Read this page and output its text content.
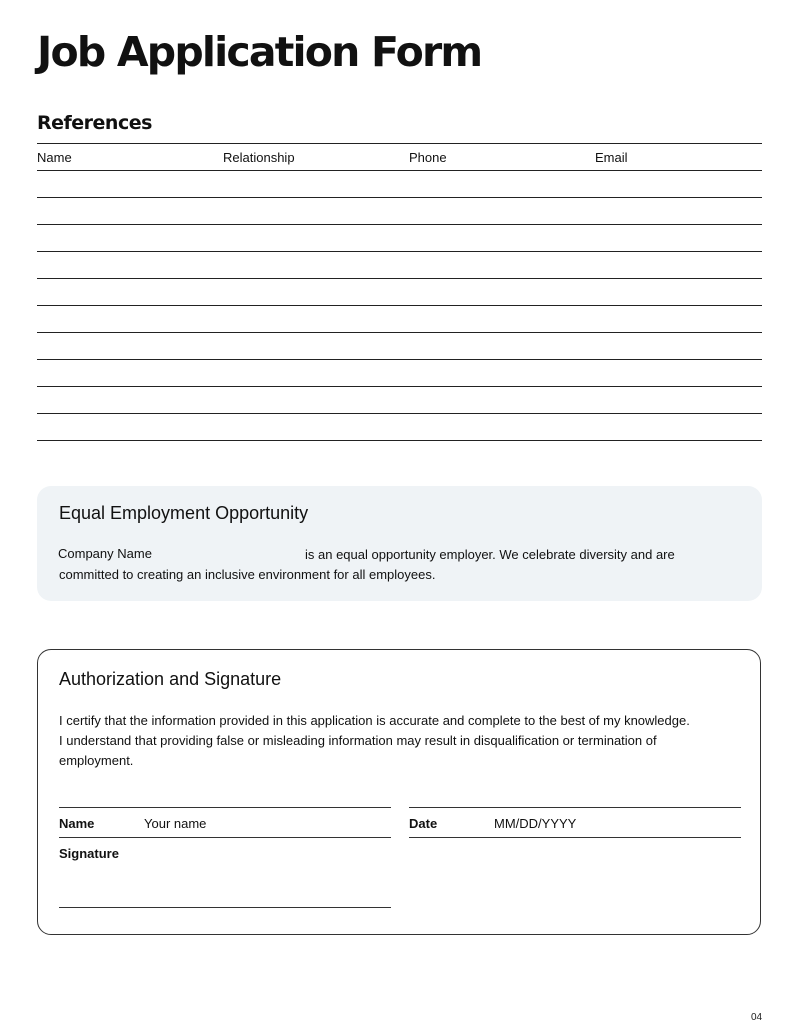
Job Application Form
References
Name	Relationship	Phone	Email
Equal Employment Opportunity
Company Name	is an equal opportunity employer. We celebrate diversity and are
committed to creating an inclusive environment for all employees.
Authorization and Signature

I certify that the information provided in this application is accurate and complete to the best of my knowledge.

I understand that providing false or misleading information may result in disqualification or termination of

employment.

Name	Your name	Date	MM/DD/YYYY
Signature
04
